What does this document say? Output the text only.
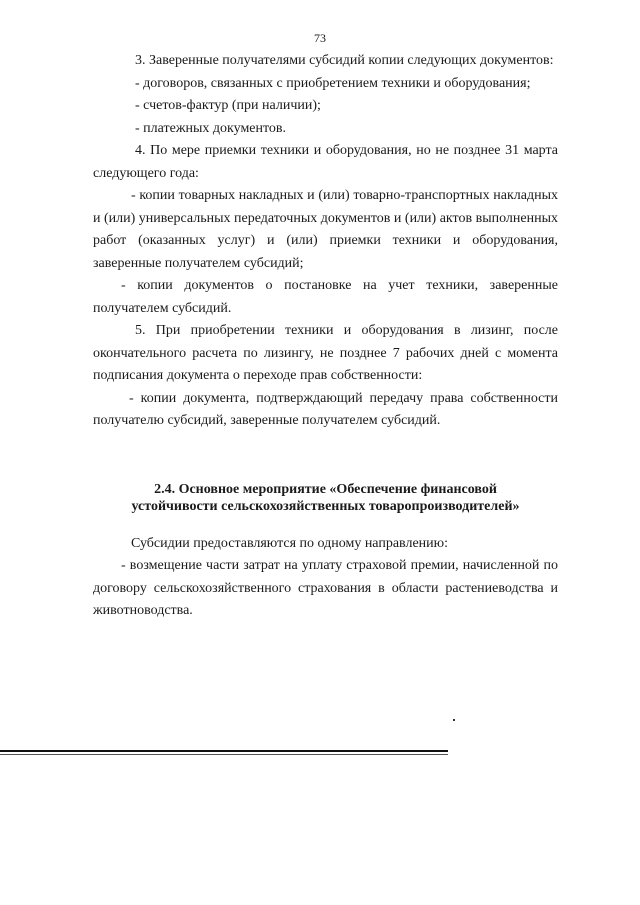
73

3. Заверенные получателями субсидий копии следующих документов:

- договоров, связанных с приобретением техники и оборудования;

- счетов-фактур (при наличии);

- платежных документов.

4. По мере приемки техники и оборудования, но не позднее 31 марта следующего года:

- копии товарных накладных и (или) товарно-транспортных накладных и (или) универсальных передаточных документов и (или) актов выполненных работ (оказанных услуг) и (или) приемки техники и оборудования, заверенные получателем субсидий;

- копии документов о постановке на учет техники, заверенные получателем субсидий.

5. При приобретении техники и оборудования в лизинг, после окончательного расчета по лизингу, не позднее 7 рабочих дней с момента подписания документа о переходе прав собственности:

- копии документа, подтверждающий передачу права собственности получателю субсидий, заверенные получателем субсидий.

2.4. Основное мероприятие «Обеспечение финансовой
устойчивости сельскохозяйственных товаропроизводителей»

Субсидии предоставляются по одному направлению:

- возмещение части затрат на уплату страховой премии, начисленной по договору сельскохозяйственного страхования в области растениеводства и животноводства.
